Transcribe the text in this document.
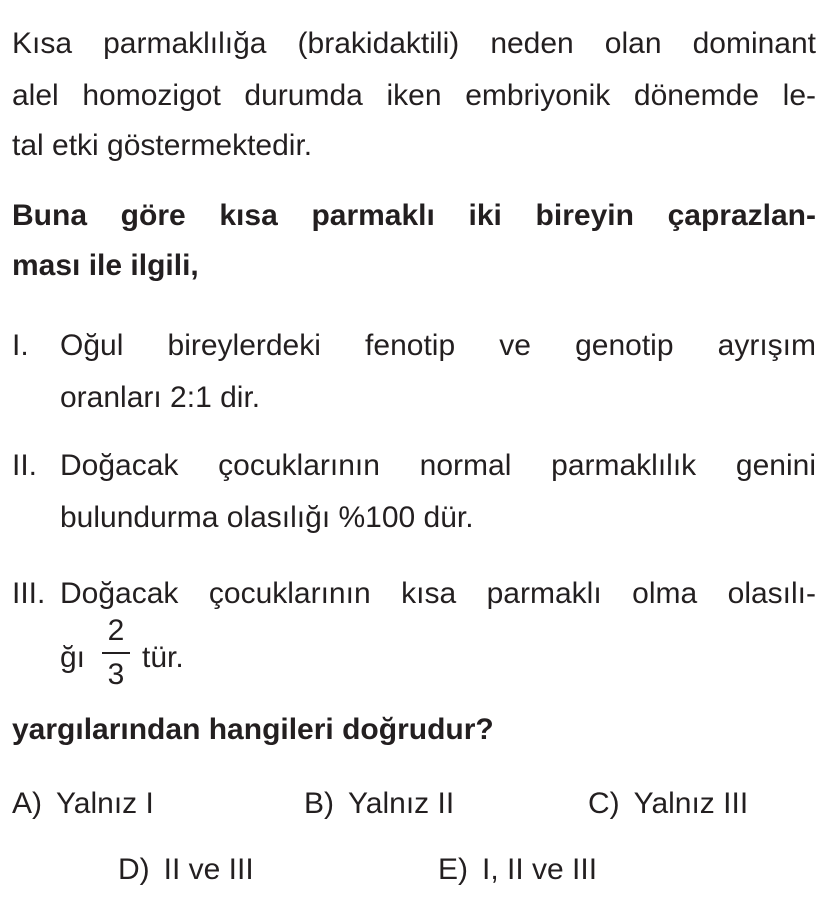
Kısa parmaklılığa (brakidaktili) neden olan dominant
alel homozigot durumda iken embriyonik dönemde le-
tal etki göstermektedir.
Buna göre kısa parmaklı iki bireyin çaprazlan-
ması ile ilgili,
I. Oğul bireylerdeki fenotip ve genotip ayrışım
oranları 2:1 dir.
II. Doğacak çocuklarının normal parmaklılık genini
bulundurma olasılığı %100 dür.
III. Doğacak çocuklarının kısa parmaklı olma olasılı-
ğı
2
3
tür.
yargılarından hangileri doğrudur?
A) Yalnız I	B) Yalnız II	C) Yalnız III
D) II ve III	E) I, II ve III
